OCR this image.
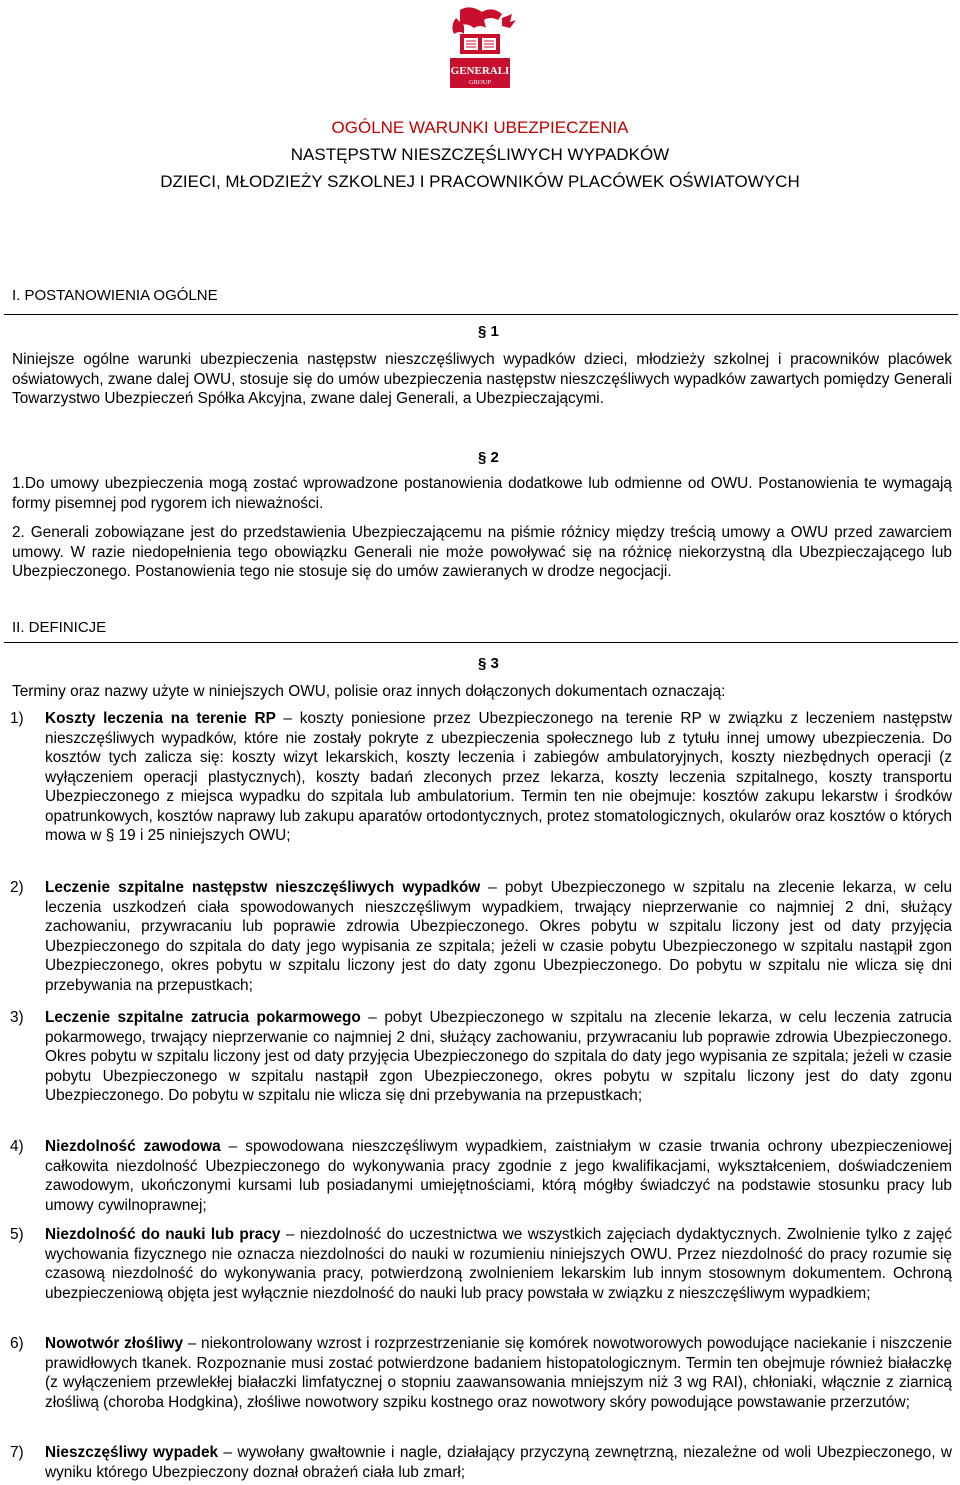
GENERALI
GROUP
OGÓLNE WARUNKI UBEZPIECZENIA
NASTĘPSTW NIESZCZĘŚLIWYCH WYPADKÓW
DZIECI, MŁODZIEŻY SZKOLNEJ I PRACOWNIKÓW PLACÓWEK OŚWIATOWYCH
I. POSTANOWIENIA OGÓLNE
§ 1
Niniejsze ogólne warunki ubezpieczenia następstw nieszczęśliwych wypadków dzieci, młodzieży szkolnej i pracowników placówek oświatowych, zwane dalej OWU, stosuje się do umów ubezpieczenia następstw nieszczęśliwych wypadków zawartych pomiędzy Generali Towarzystwo Ubezpieczeń Spółka Akcyjna, zwane dalej Generali, a Ubezpieczającymi.
§ 2
1.Do umowy ubezpieczenia mogą zostać wprowadzone postanowienia dodatkowe lub odmienne od OWU. Postanowienia te wymagają formy pisemnej pod rygorem ich nieważności.
2. Generali zobowiązane jest do przedstawienia Ubezpieczającemu na piśmie różnicy między treścią umowy a OWU przed zawarciem umowy. W razie niedopełnienia tego obowiązku Generali nie może powoływać się na różnicę niekorzystną dla Ubezpieczającego lub Ubezpieczonego. Postanowienia tego nie stosuje się do umów zawieranych w drodze negocjacji.
II. DEFINICJE
§ 3
Terminy oraz nazwy użyte w niniejszych OWU, polisie oraz innych dołączonych dokumentach oznaczają:
1) Koszty leczenia na terenie RP – koszty poniesione przez Ubezpieczonego na terenie RP w związku z leczeniem następstw nieszczęśliwych wypadków, które nie zostały pokryte z ubezpieczenia społecznego lub z tytułu innej umowy ubezpieczenia. Do kosztów tych zalicza się: koszty wizyt lekarskich, koszty leczenia i zabiegów ambulatoryjnych, koszty niezbędnych operacji (z wyłączeniem operacji plastycznych), koszty badań zleconych przez lekarza, koszty leczenia szpitalnego, koszty transportu Ubezpieczonego z miejsca wypadku do szpitala lub ambulatorium. Termin ten nie obejmuje: kosztów zakupu lekarstw i środków opatrunkowych, kosztów naprawy lub zakupu aparatów ortodontycznych, protez stomatologicznych, okularów oraz kosztów o których mowa w § 19 i 25 niniejszych OWU;
2) Leczenie szpitalne następstw nieszczęśliwych wypadków – pobyt Ubezpieczonego w szpitalu na zlecenie lekarza, w celu leczenia uszkodzeń ciała spowodowanych nieszczęśliwym wypadkiem, trwający nieprzerwanie co najmniej 2 dni, służący zachowaniu, przywracaniu lub poprawie zdrowia Ubezpieczonego. Okres pobytu w szpitalu liczony jest od daty przyjęcia Ubezpieczonego do szpitala do daty jego wypisania ze szpitala; jeżeli w czasie pobytu Ubezpieczonego w szpitalu nastąpił zgon Ubezpieczonego, okres pobytu w szpitalu liczony jest do daty zgonu Ubezpieczonego. Do pobytu w szpitalu nie wlicza się dni przebywania na przepustkach;
3) Leczenie szpitalne zatrucia pokarmowego – pobyt Ubezpieczonego w szpitalu na zlecenie lekarza, w celu leczenia zatrucia pokarmowego, trwający nieprzerwanie co najmniej 2 dni, służący zachowaniu, przywracaniu lub poprawie zdrowia Ubezpieczonego. Okres pobytu w szpitalu liczony jest od daty przyjęcia Ubezpieczonego do szpitala do daty jego wypisania ze szpitala; jeżeli w czasie pobytu Ubezpieczonego w szpitalu nastąpił zgon Ubezpieczonego, okres pobytu w szpitalu liczony jest do daty zgonu Ubezpieczonego. Do pobytu w szpitalu nie wlicza się dni przebywania na przepustkach;
4) Niezdolność zawodowa – spowodowana nieszczęśliwym wypadkiem, zaistniałym w czasie trwania ochrony ubezpieczeniowej całkowita niezdolność Ubezpieczonego do wykonywania pracy zgodnie z jego kwalifikacjami, wykształceniem, doświadczeniem zawodowym, ukończonymi kursami lub posiadanymi umiejętnościami, którą mógłby świadczyć na podstawie stosunku pracy lub umowy cywilnoprawnej;
5) Niezdolność do nauki lub pracy – niezdolność do uczestnictwa we wszystkich zajęciach dydaktycznych. Zwolnienie tylko z zajęć wychowania fizycznego nie oznacza niezdolności do nauki w rozumieniu niniejszych OWU. Przez niezdolność do pracy rozumie się czasową niezdolność do wykonywania pracy, potwierdzoną zwolnieniem lekarskim lub innym stosownym dokumentem. Ochroną ubezpieczeniową objęta jest wyłącznie niezdolność do nauki lub pracy powstała w związku z nieszczęśliwym wypadkiem;
6) Nowotwór złośliwy – niekontrolowany wzrost i rozprzestrzenianie się komórek nowotworowych powodujące naciekanie i niszczenie prawidłowych tkanek. Rozpoznanie musi zostać potwierdzone badaniem histopatologicznym. Termin ten obejmuje również białaczkę (z wyłączeniem przewlekłej białaczki limfatycznej o stopniu zaawansowania mniejszym niż 3 wg RAI), chłoniaki, włącznie z ziarnicą złośliwą (choroba Hodgkina), złośliwe nowotwory szpiku kostnego oraz nowotwory skóry powodujące powstawanie przerzutów;
7) Nieszczęśliwy wypadek – wywołany gwałtownie i nagle, działający przyczyną zewnętrzną, niezależne od woli Ubezpieczonego, w wyniku którego Ubezpieczony doznał obrażeń ciała lub zmarł;
